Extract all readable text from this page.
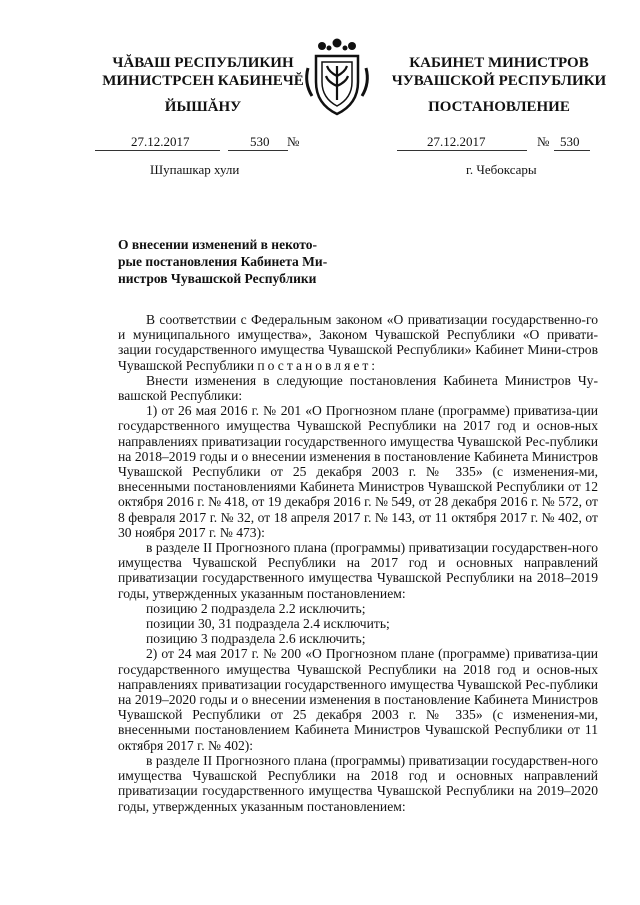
ЧĂВАШ РЕСПУБЛИКИН
МИНИСТРСЕН КАБИНЕЧĔ
ЙЫШĂНУ
27.12.2017	530 №
Шупашкар хули
КАБИНЕТ МИНИСТРОВ
ЧУВАШСКОЙ РЕСПУБЛИКИ
ПОСТАНОВЛЕНИЕ
27.12.2017	№ 530
г. Чебоксары
О внесении изменений в некото-
рые постановления Кабинета Ми-
нистров Чувашской Республики

В соответствии с Федеральным законом «О приватизации государственно-го и муниципального имущества», Законом Чувашской Республики «О привати-зации государственного имущества Чувашской Республики» Кабинет Мини-стров Чувашской Республики постановляет:

Внести изменения в следующие постановления Кабинета Министров Чу-вашской Республики:

1) от 26 мая 2016 г. № 201 «О Прогнозном плане (программе) приватиза-ции государственного имущества Чувашской Республики на 2017 год и основ-ных направлениях приватизации государственного имущества Чувашской Рес-публики на 2018–2019 годы и о внесении изменения в постановление Кабинета Министров Чувашской Республики от 25 декабря 2003 г. № 335» (с изменения-ми, внесенными постановлениями Кабинета Министров Чувашской Республики от 12 октября 2016 г. № 418, от 19 декабря 2016 г. № 549, от 28 декабря 2016 г. № 572, от 8 февраля 2017 г. № 32, от 18 апреля 2017 г. № 143, от 11 октября 2017 г. № 402, от 30 ноября 2017 г. № 473):

в разделе II Прогнозного плана (программы) приватизации государствен-ного имущества Чувашской Республики на 2017 год и основных направлений приватизации государственного имущества Чувашской Республики на 2018–2019 годы, утвержденных указанным постановлением:

позицию 2 подраздела 2.2 исключить;

позиции 30, 31 подраздела 2.4 исключить;

позицию 3 подраздела 2.6 исключить;

2) от 24 мая 2017 г. № 200 «О Прогнозном плане (программе) приватиза-ции государственного имущества Чувашской Республики на 2018 год и основ-ных направлениях приватизации государственного имущества Чувашской Рес-публики на 2019–2020 годы и о внесении изменения в постановление Кабинета Министров Чувашской Республики от 25 декабря 2003 г. № 335» (с изменения-ми, внесенными постановлением Кабинета Министров Чувашской Республики от 11 октября 2017 г. № 402):

в разделе II Прогнозного плана (программы) приватизации государствен-ного имущества Чувашской Республики на 2018 год и основных направлений приватизации государственного имущества Чувашской Республики на 2019–2020 годы, утвержденных указанным постановлением:
